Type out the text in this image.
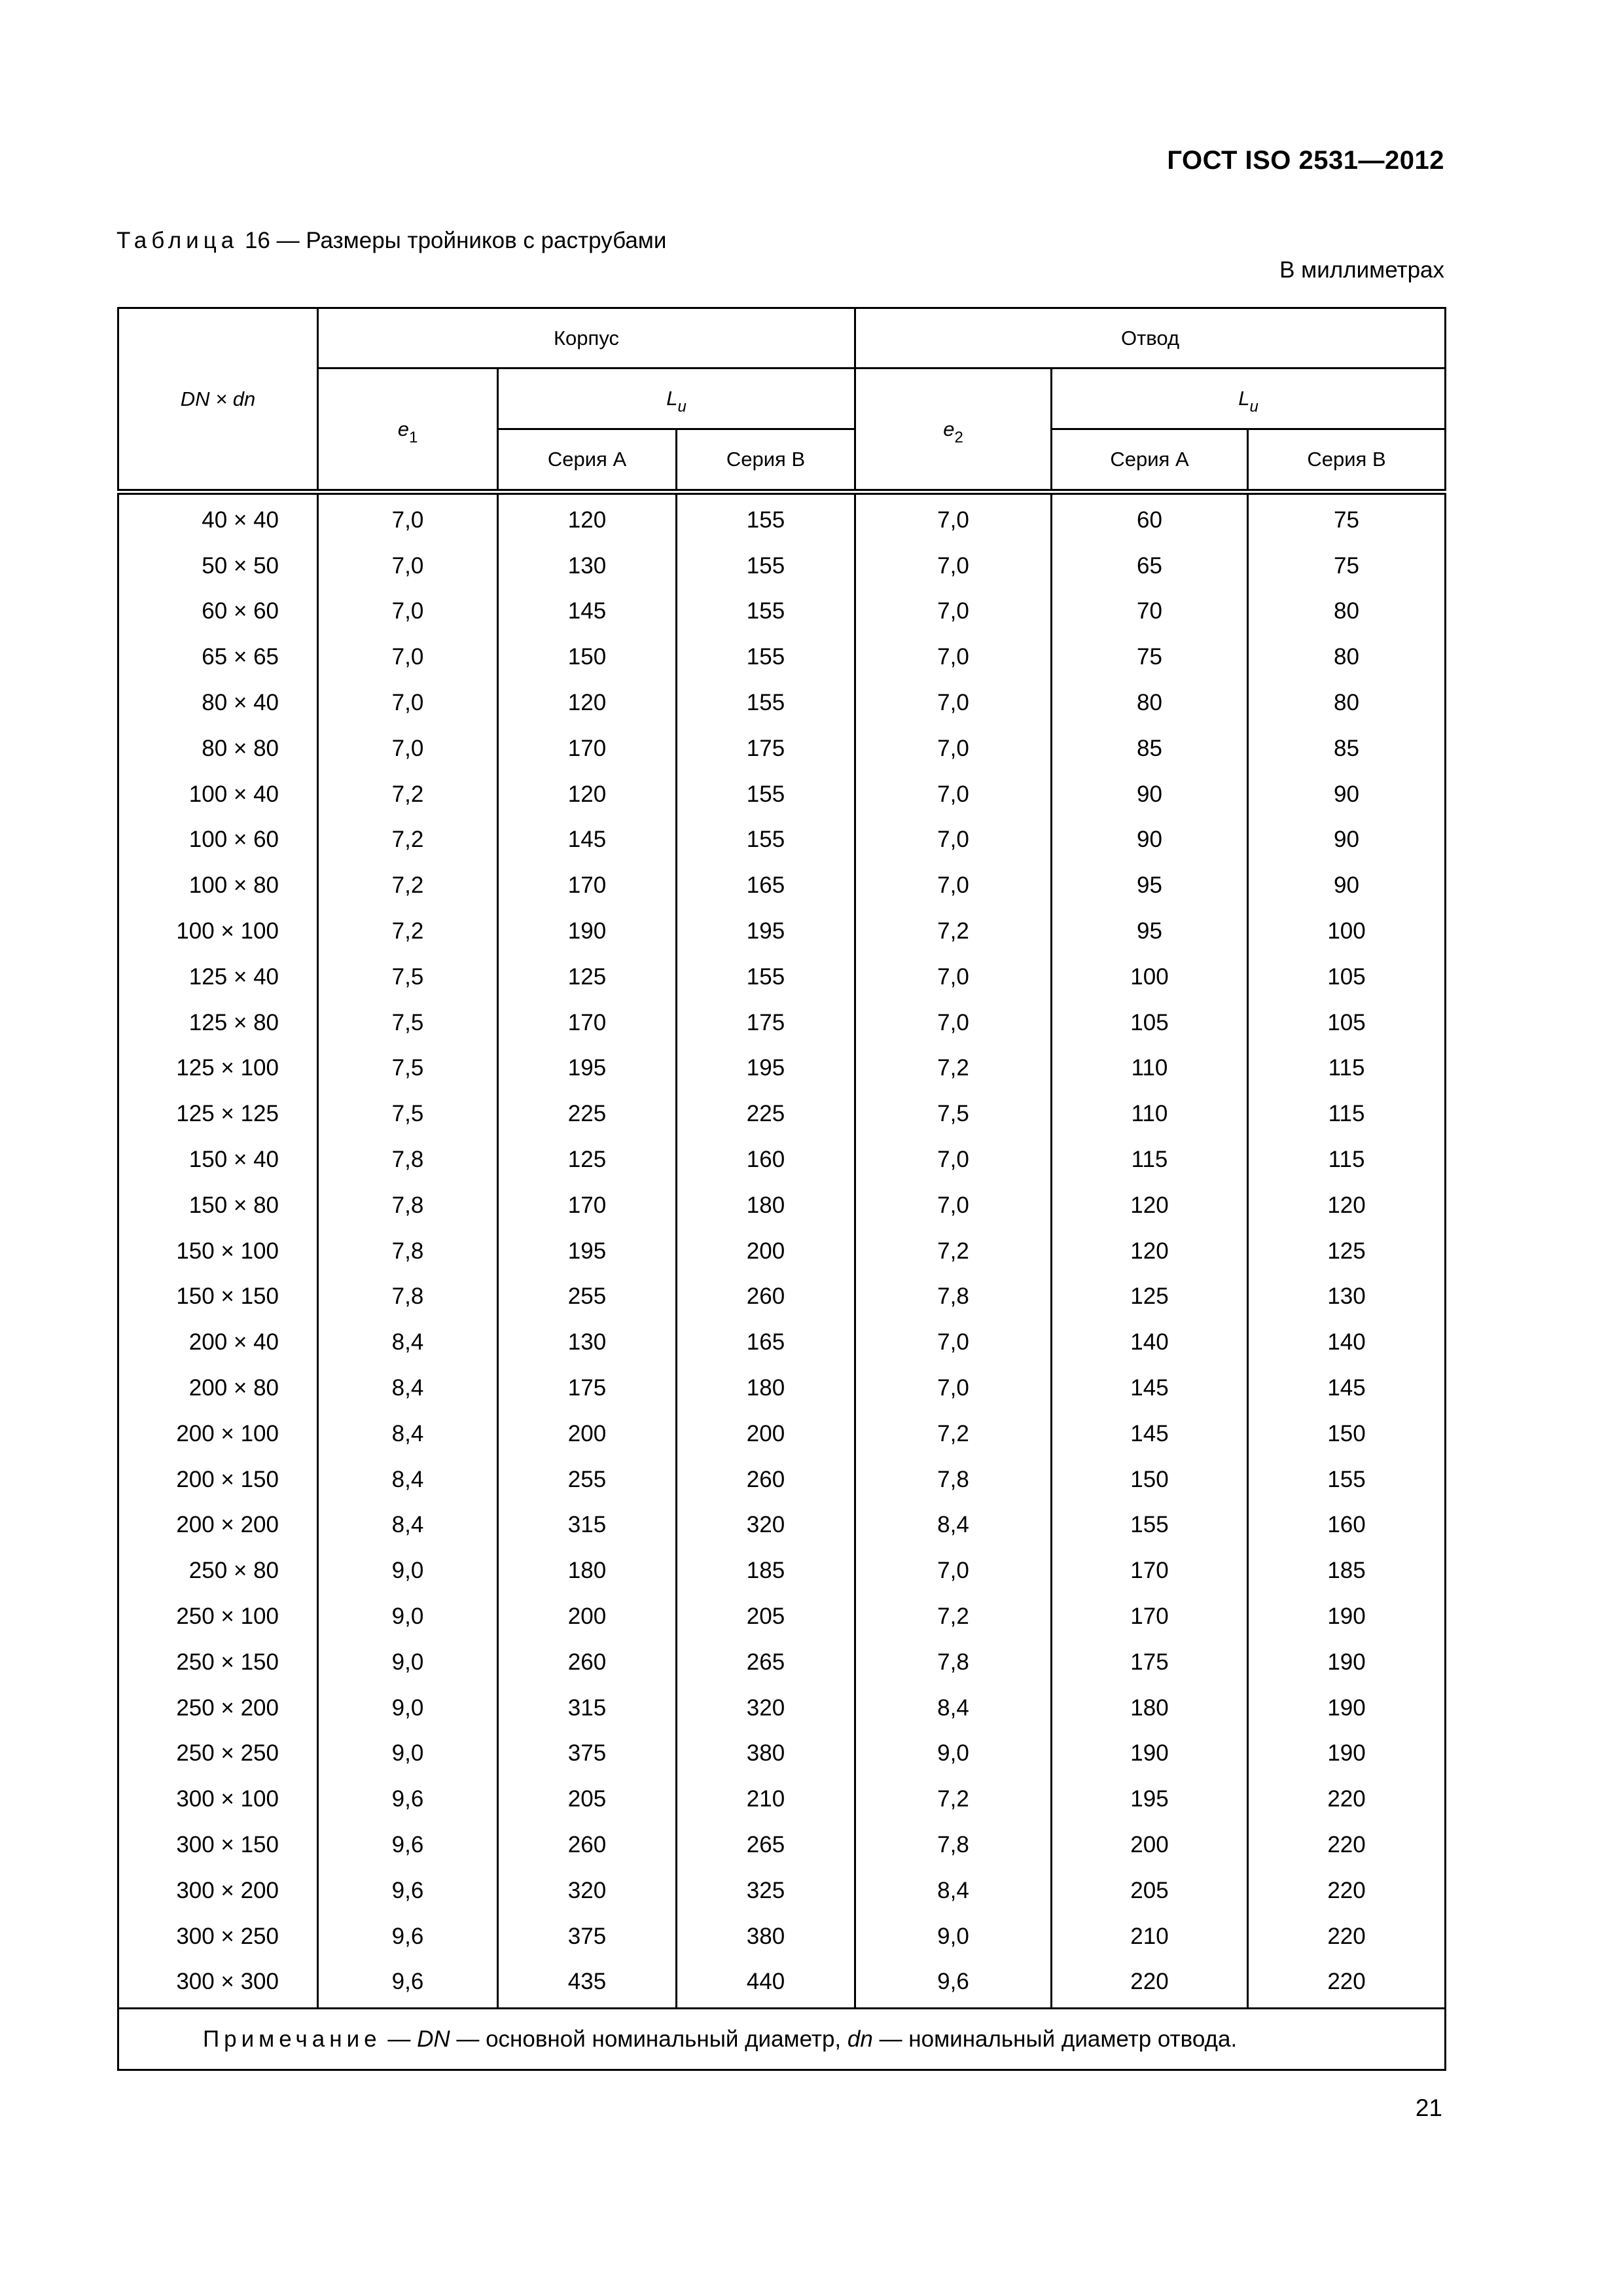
ГОСТ ISO 2531—2012
Таблица 16 — Размеры тройников с раструбами
В миллиметрах
DN × dn	Корпус			Отвод		
	$e_1$	$L_u$		$e_2$	$L_u$
		Серия А	Серия В		Серия А	Серия В
40 × 40	7,0	120	155	7,0	60	75
50 × 50	7,0	130	155	7,0	65	75
60 × 60	7,0	145	155	7,0	70	80
65 × 65	7,0	150	155	7,0	75	80
80 × 40	7,0	120	155	7,0	80	80
80 × 80	7,0	170	175	7,0	85	85
100 × 40	7,2	120	155	7,0	90	90
100 × 60	7,2	145	155	7,0	90	90
100 × 80	7,2	170	165	7,0	95	90
100 × 100	7,2	190	195	7,2	95	100
125 × 40	7,5	125	155	7,0	100	105
125 × 80	7,5	170	175	7,0	105	105
125 × 100	7,5	195	195	7,2	110	115
125 × 125	7,5	225	225	7,5	110	115
150 × 40	7,8	125	160	7,0	115	115
150 × 80	7,8	170	180	7,0	120	120
150 × 100	7,8	195	200	7,2	120	125
150 × 150	7,8	255	260	7,8	125	130
200 × 40	8,4	130	165	7,0	140	140
200 × 80	8,4	175	180	7,0	145	145
200 × 100	8,4	200	200	7,2	145	150
200 × 150	8,4	255	260	7,8	150	155
200 × 200	8,4	315	320	8,4	155	160
250 × 80	9,0	180	185	7,0	170	185
250 × 100	9,0	200	205	7,2	170	190
250 × 150	9,0	260	265	7,8	175	190
250 × 200	9,0	315	320	8,4	180	190
250 × 250	9,0	375	380	9,0	190	190
300 × 100	9,6	205	210	7,2	195	220
300 × 150	9,6	260	265	7,8	200	220
300 × 200	9,6	320	325	8,4	205	220
300 × 250	9,6	375	380	9,0	210	220
300 × 300	9,6	435	440	9,6	220	220
Примечание — DN — основной номинальный диаметр, dn — номинальный диаметр отвода.						
21
